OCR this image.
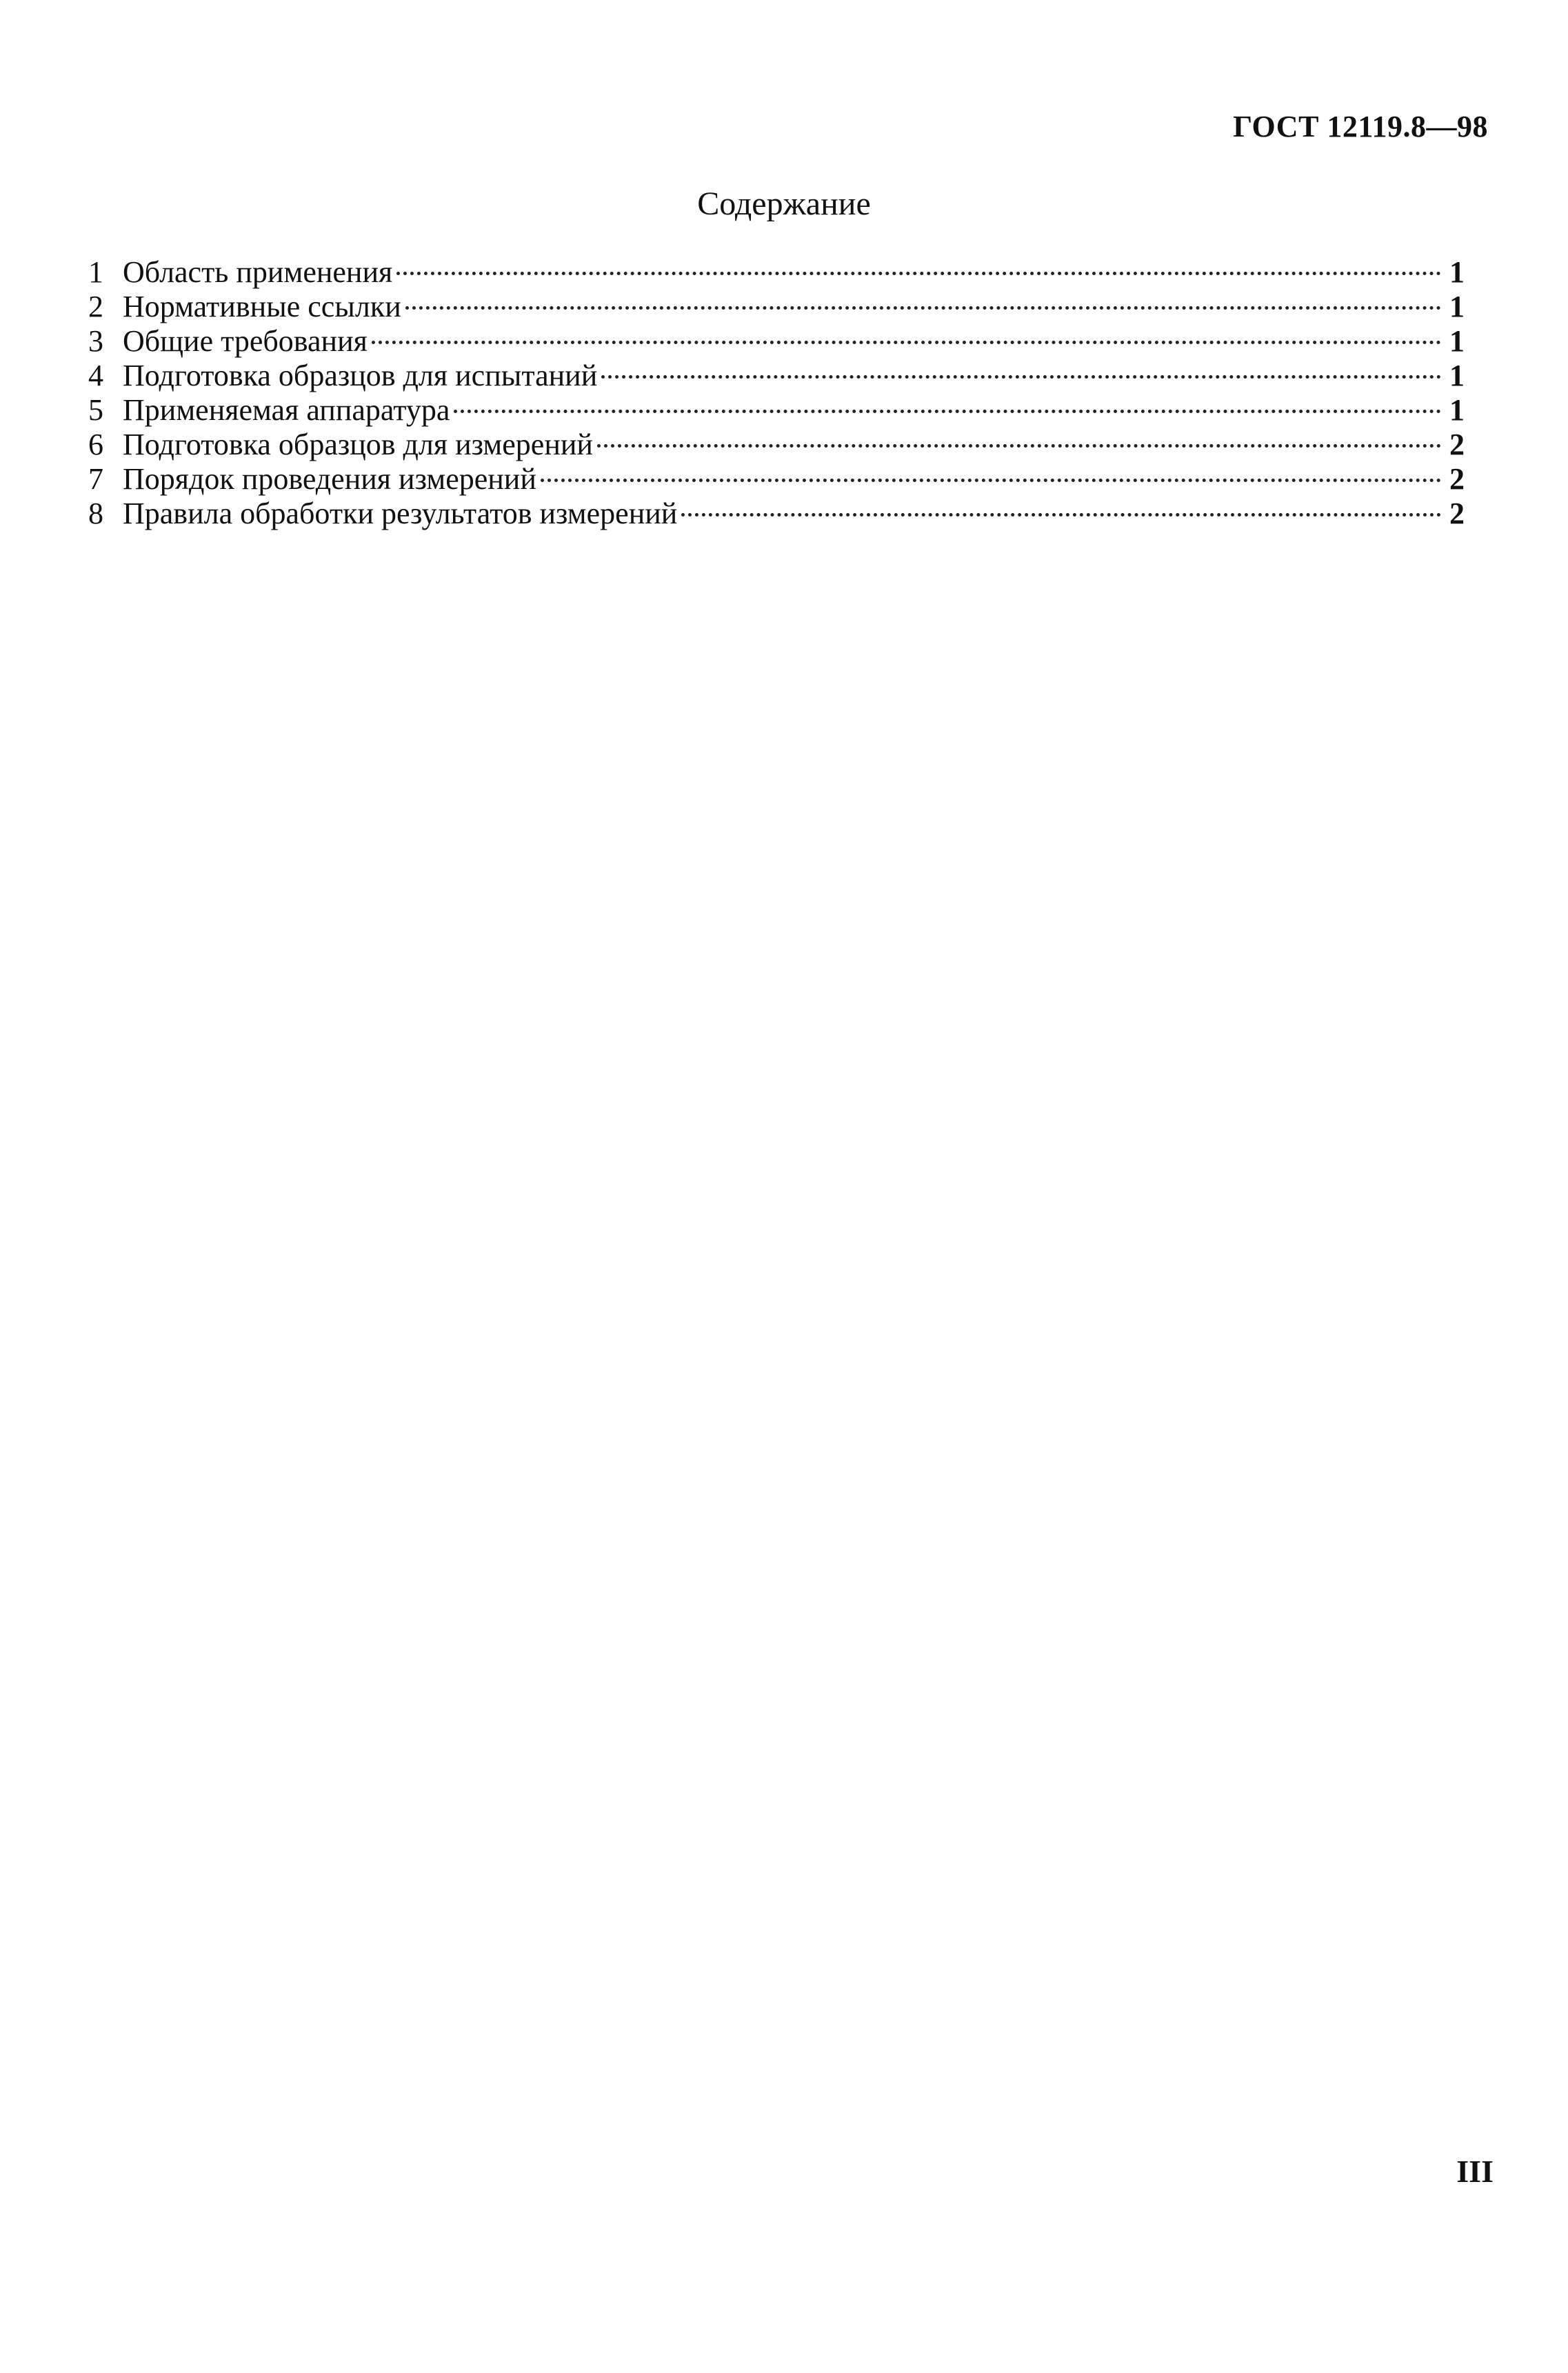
ГОСТ 12119.8—98
Содержание
1 Область применения	1
2 Нормативные ссылки	1
3 Общие требования	1
4 Подготовка образцов для испытаний	1
5 Применяемая аппаратура	1
6 Подготовка образцов для измерений	2
7 Порядок проведения измерений	2
8 Правила обработки результатов измерений	2
III
